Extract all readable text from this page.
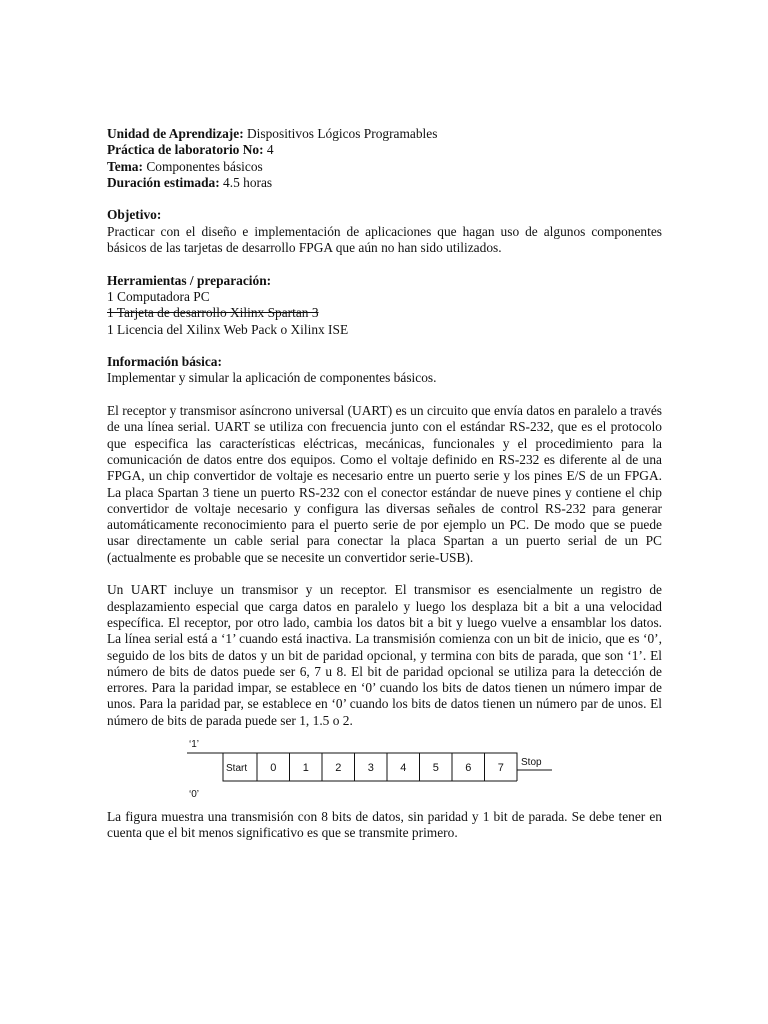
Unidad de Aprendizaje: Dispositivos Lógicos Programables

Práctica de laboratorio No: 4

Tema: Componentes básicos

Duración estimada: 4.5 horas

Objetivo:

Practicar con el diseño e implementación de aplicaciones que hagan uso de algunos componentes básicos de las tarjetas de desarrollo FPGA que aún no han sido utilizados.

Herramientas / preparación:

1 Computadora PC

1 Tarjeta de desarrollo Xilinx Spartan 3

1 Licencia del Xilinx Web Pack o Xilinx ISE

Información básica:

Implementar y simular la aplicación de componentes básicos.

El receptor y transmisor asíncrono universal (UART) es un circuito que envía datos en paralelo a través de una línea serial. UART se utiliza con frecuencia junto con el estándar RS-232, que es el protocolo que especifica las características eléctricas, mecánicas, funcionales y el procedimiento para la comunicación de datos entre dos equipos. Como el voltaje definido en RS-232 es diferente al de una FPGA, un chip convertidor de voltaje es necesario entre un puerto serie y los pines E/S de un FPGA. La placa Spartan 3 tiene un puerto RS-232 con el conector estándar de nueve pines y contiene el chip convertidor de voltaje necesario y configura las diversas señales de control RS-232 para generar automáticamente reconocimiento para el puerto serie de por ejemplo un PC. De modo que se puede usar directamente un cable serial para conectar la placa Spartan a un puerto serial de un PC (actualmente es probable que se necesite un convertidor serie-USB).

Un UART incluye un transmisor y un receptor. El transmisor es esencialmente un registro de desplazamiento especial que carga datos en paralelo y luego los desplaza bit a bit a una velocidad específica. El receptor, por otro lado, cambia los datos bit a bit y luego vuelve a ensamblar los datos. La línea serial está a ‘1’ cuando está inactiva. La transmisión comienza con un bit de inicio, que es ‘0’, seguido de los bits de datos y un bit de paridad opcional, y termina con bits de parada, que son ‘1’. El número de bits de datos puede ser 6, 7 u 8. El bit de paridad opcional se utiliza para la detección de errores. Para la paridad impar, se establece en ‘0’ cuando los bits de datos tienen un número impar de unos. Para la paridad par, se establece en ‘0’ cuando los bits de datos tienen un número par de unos. El número de bits de parada puede ser 1, 1.5 o 2.

‘1’
‘0’
Start
Stop
0 1 2 3 4 5 6 7

La figura muestra una transmisión con 8 bits de datos, sin paridad y 1 bit de parada. Se debe tener en cuenta que el bit menos significativo es que se transmite primero.
